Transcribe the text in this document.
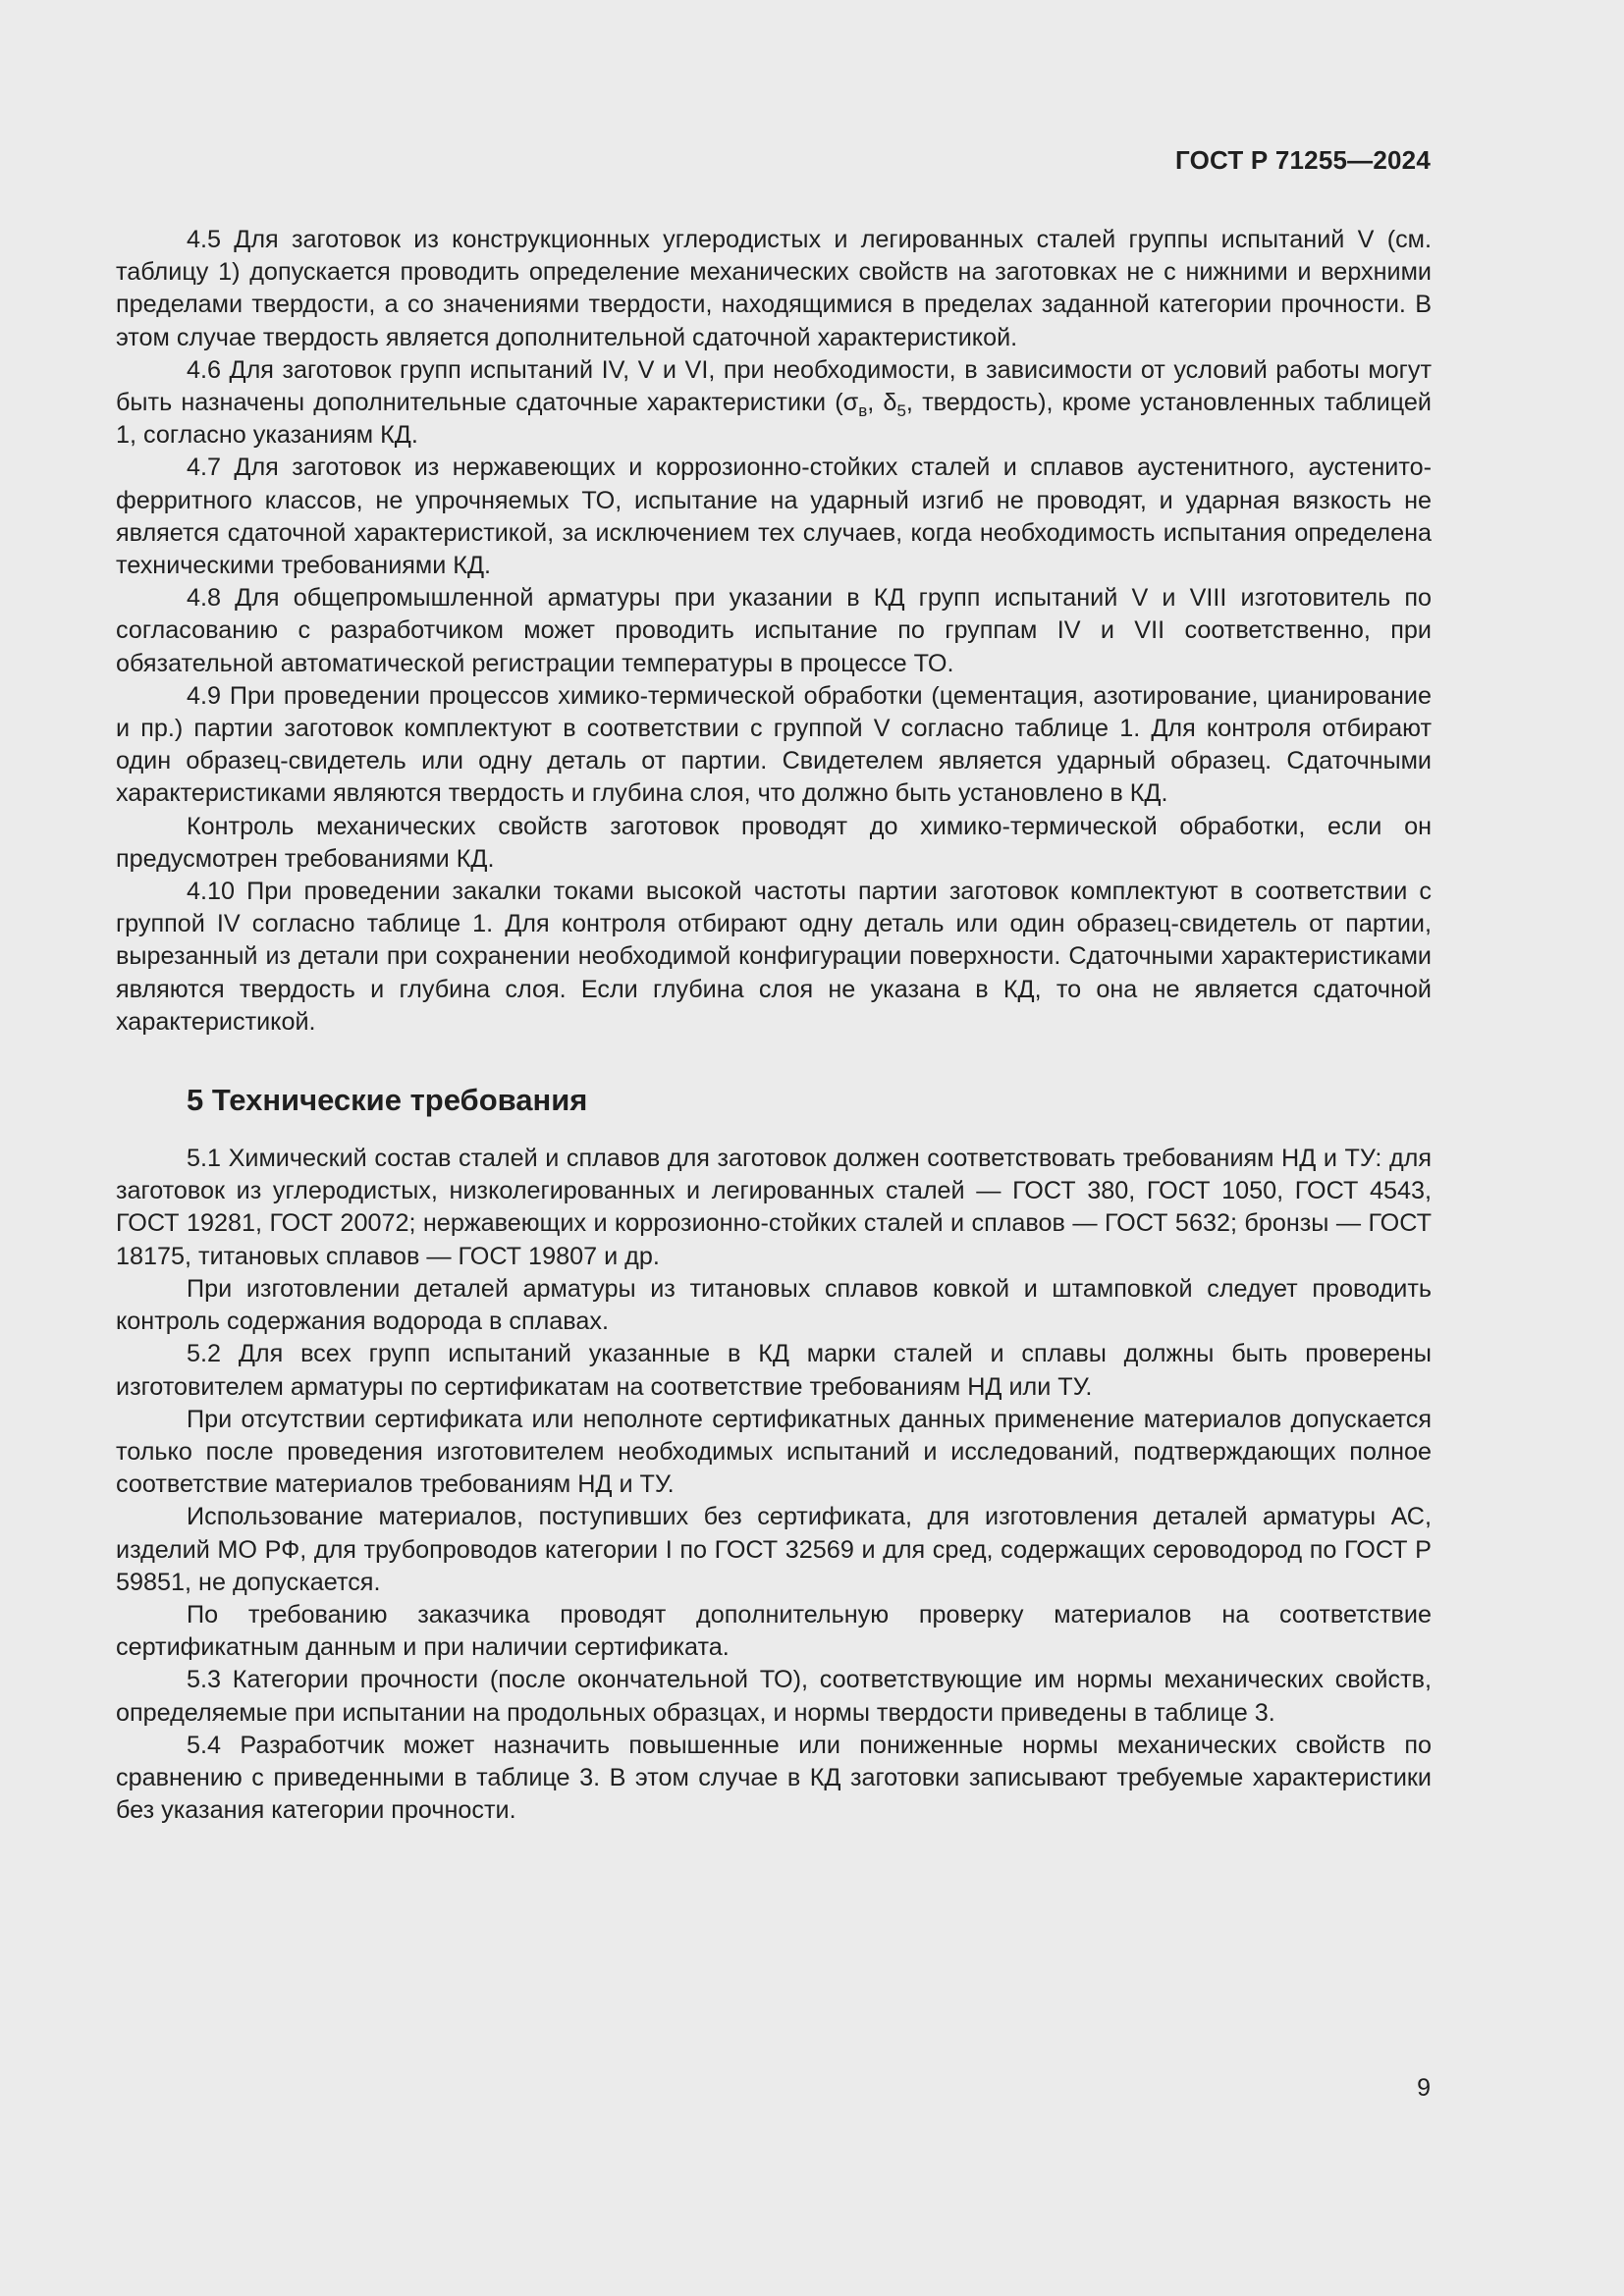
ГОСТ Р 71255—2024

4.5 Для заготовок из конструкционных углеродистых и легированных сталей группы испытаний V (см. таблицу 1) допускается проводить определение механических свойств на заготовках не с нижними и верхними пределами твердости, а со значениями твердости, находящимися в пределах заданной категории прочности. В этом случае твердость является дополнительной сдаточной характеристикой.

4.6 Для заготовок групп испытаний IV, V и VI, при необходимости, в зависимости от условий работы могут быть назначены дополнительные сдаточные характеристики ($\sigma_в$, $\delta_5$, твердость), кроме установленных таблицей 1, согласно указаниям КД.

4.7 Для заготовок из нержавеющих и коррозионно-стойких сталей и сплавов аустенитного, аустенито-ферритного классов, не упрочняемых ТО, испытание на ударный изгиб не проводят, и ударная вязкость не является сдаточной характеристикой, за исключением тех случаев, когда необходимость испытания определена техническими требованиями КД.

4.8 Для общепромышленной арматуры при указании в КД групп испытаний V и VIII изготовитель по согласованию с разработчиком может проводить испытание по группам IV и VII соответственно, при обязательной автоматической регистрации температуры в процессе ТО.

4.9 При проведении процессов химико-термической обработки (цементация, азотирование, цианирование и пр.) партии заготовок комплектуют в соответствии с группой V согласно таблице 1. Для контроля отбирают один образец-свидетель или одну деталь от партии. Свидетелем является ударный образец. Сдаточными характеристиками являются твердость и глубина слоя, что должно быть установлено в КД.

Контроль механических свойств заготовок проводят до химико-термической обработки, если он предусмотрен требованиями КД.

4.10 При проведении закалки токами высокой частоты партии заготовок комплектуют в соответствии с группой IV согласно таблице 1. Для контроля отбирают одну деталь или один образец-свидетель от партии, вырезанный из детали при сохранении необходимой конфигурации поверхности. Сдаточными характеристиками являются твердость и глубина слоя. Если глубина слоя не указана в КД, то она не является сдаточной характеристикой.

5 Технические требования

5.1 Химический состав сталей и сплавов для заготовок должен соответствовать требованиям НД и ТУ: для заготовок из углеродистых, низколегированных и легированных сталей — ГОСТ 380, ГОСТ 1050, ГОСТ 4543, ГОСТ 19281, ГОСТ 20072; нержавеющих и коррозионно-стойких сталей и сплавов — ГОСТ 5632; бронзы — ГОСТ 18175, титановых сплавов — ГОСТ 19807 и др.

При изготовлении деталей арматуры из титановых сплавов ковкой и штамповкой следует проводить контроль содержания водорода в сплавах.

5.2 Для всех групп испытаний указанные в КД марки сталей и сплавы должны быть проверены изготовителем арматуры по сертификатам на соответствие требованиям НД или ТУ.

При отсутствии сертификата или неполноте сертификатных данных применение материалов допускается только после проведения изготовителем необходимых испытаний и исследований, подтверждающих полное соответствие материалов требованиям НД и ТУ.

Использование материалов, поступивших без сертификата, для изготовления деталей арматуры АС, изделий МО РФ, для трубопроводов категории I по ГОСТ 32569 и для сред, содержащих сероводород по ГОСТ Р 59851, не допускается.

По требованию заказчика проводят дополнительную проверку материалов на соответствие сертификатным данным и при наличии сертификата.

5.3 Категории прочности (после окончательной ТО), соответствующие им нормы механических свойств, определяемые при испытании на продольных образцах, и нормы твердости приведены в таблице 3.

5.4 Разработчик может назначить повышенные или пониженные нормы механических свойств по сравнению с приведенными в таблице 3. В этом случае в КД заготовки записывают требуемые характеристики без указания категории прочности.

9
